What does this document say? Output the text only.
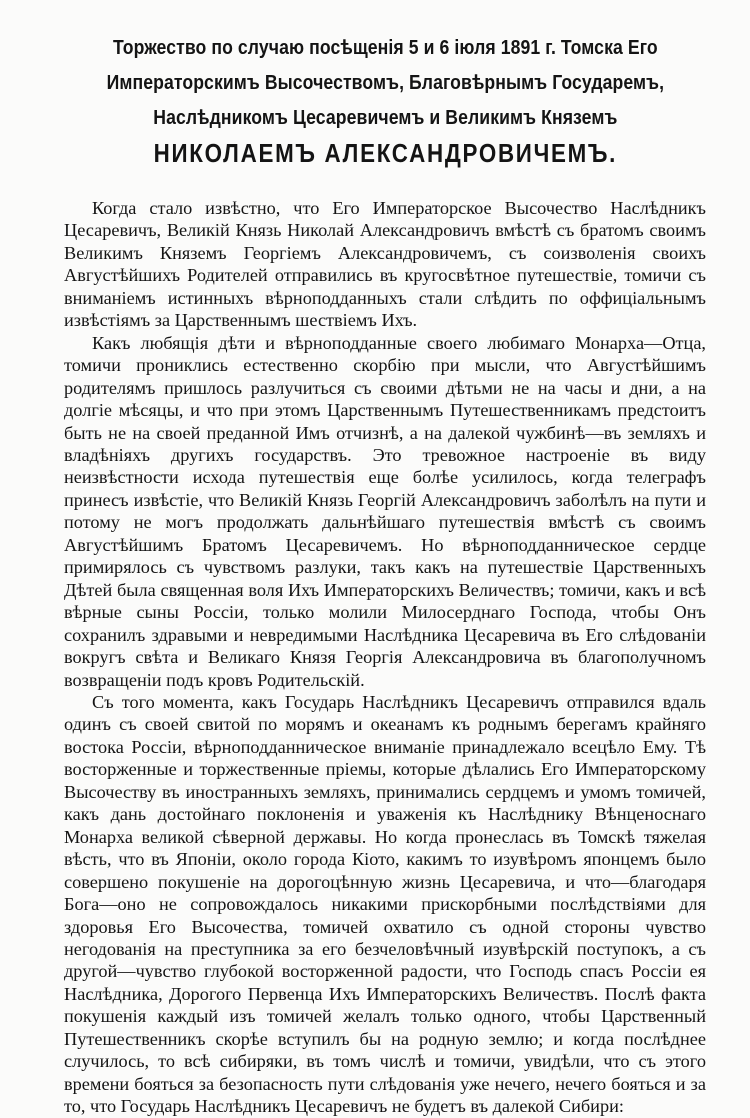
Торжество по случаю посѣщенія 5 и 6 іюля 1891 г. Томска Его
Императорскимъ Высочествомъ, Благовѣрнымъ Государемъ,
Наслѣдникомъ Цесаревичемъ и Великимъ Княземъ
НИКОЛАЕМЪ АЛЕКСАНДРОВИЧЕМЪ.

Когда стало извѣстно, что Его Императорское Высочество Наслѣдникъ Цесаревичъ, Великій Князь Николай Александровичъ вмѣстѣ съ братомъ своимъ Великимъ Княземъ Георгіемъ Александровичемъ, съ соизволенія своихъ Августѣйшихъ Родителей отправились въ кругосвѣтное путешествіе, томичи съ вниманіемъ истинныхъ вѣрноподданныхъ стали слѣдить по оффиціальнымъ извѣстіямъ за Царственнымъ шествіемъ Ихъ.

Какъ любящія дѣти и вѣрноподданные своего любимаго Монарха—Отца, томичи прониклись естественно скорбію при мысли, что Августѣйшимъ родителямъ пришлось разлучиться съ своими дѣтьми не на часы и дни, а на долгіе мѣсяцы, и что при этомъ Царственнымъ Путешественникамъ предстоитъ быть не на своей преданной Имъ отчизнѣ, а на далекой чужбинѣ—въ земляхъ и владѣніяхъ другихъ государствъ. Это тревожное настроеніе въ виду неизвѣстности исхода путешествія еще болѣе усилилось, когда телеграфъ принесъ извѣстіе, что Великій Князь Георгій Александровичъ заболѣлъ на пути и потому не могъ продолжать дальнѣйшаго путешествія вмѣстѣ съ своимъ Августѣйшимъ Братомъ Цесаревичемъ. Но вѣрноподданническое сердце примирялось съ чувствомъ разлуки, такъ какъ на путешествіе Царственныхъ Дѣтей была священная воля Ихъ Императорскихъ Величествъ; томичи, какъ и всѣ вѣрные сыны Россіи, только молили Милосерднаго Господа, чтобы Онъ сохранилъ здравыми и невредимыми Наслѣдника Цесаревича въ Его слѣдованіи вокругъ свѣта и Великаго Князя Георгія Александровича въ благополучномъ возвращеніи подъ кровъ Родительскій.

Съ того момента, какъ Государь Наслѣдникъ Цесаревичъ отправился вдаль одинъ съ своей свитой по морямъ и океанамъ къ роднымъ берегамъ крайняго востока Россіи, вѣрноподданническое вниманіе принадлежало всецѣло Ему. Тѣ восторженные и торжественные пріемы, которые дѣлались Его Императорскому Высочеству въ иностранныхъ земляхъ, принимались сердцемъ и умомъ томичей, какъ дань достойнаго поклоненія и уваженія къ Наслѣднику Вѣнценоснаго Монарха великой сѣверной державы. Но когда пронеслась въ Томскѣ тяжелая вѣсть, что въ Японіи, около города Кіото, какимъ то изувѣромъ японцемъ было совершено покушеніе на дорогоцѣнную жизнь Цесаревича, и что—благодаря Бога—оно не сопровождалось никакими прискорбными послѣдствіями для здоровья Его Высочества, томичей охватило съ одной стороны чувство негодованія на преступника за его безчеловѣчный изувѣрскій поступокъ, а съ другой—чувство глубокой восторженной радости, что Господь спасъ Россіи ея Наслѣдника, Дорогого Первенца Ихъ Императорскихъ Величествъ. Послѣ факта покушенія каждый изъ томичей желалъ только одного, чтобы Царственный Путешественникъ скорѣе вступилъ бы на родную землю; и когда послѣднее случилось, то всѣ сибиряки, въ томъ числѣ и томичи, увидѣли, что съ этого времени бояться за безопасность пути слѣдованія уже нечего, нечего бояться и за то, что Государь Наслѣдникъ Цесаревичъ не будетъ въ далекой Сибири:
